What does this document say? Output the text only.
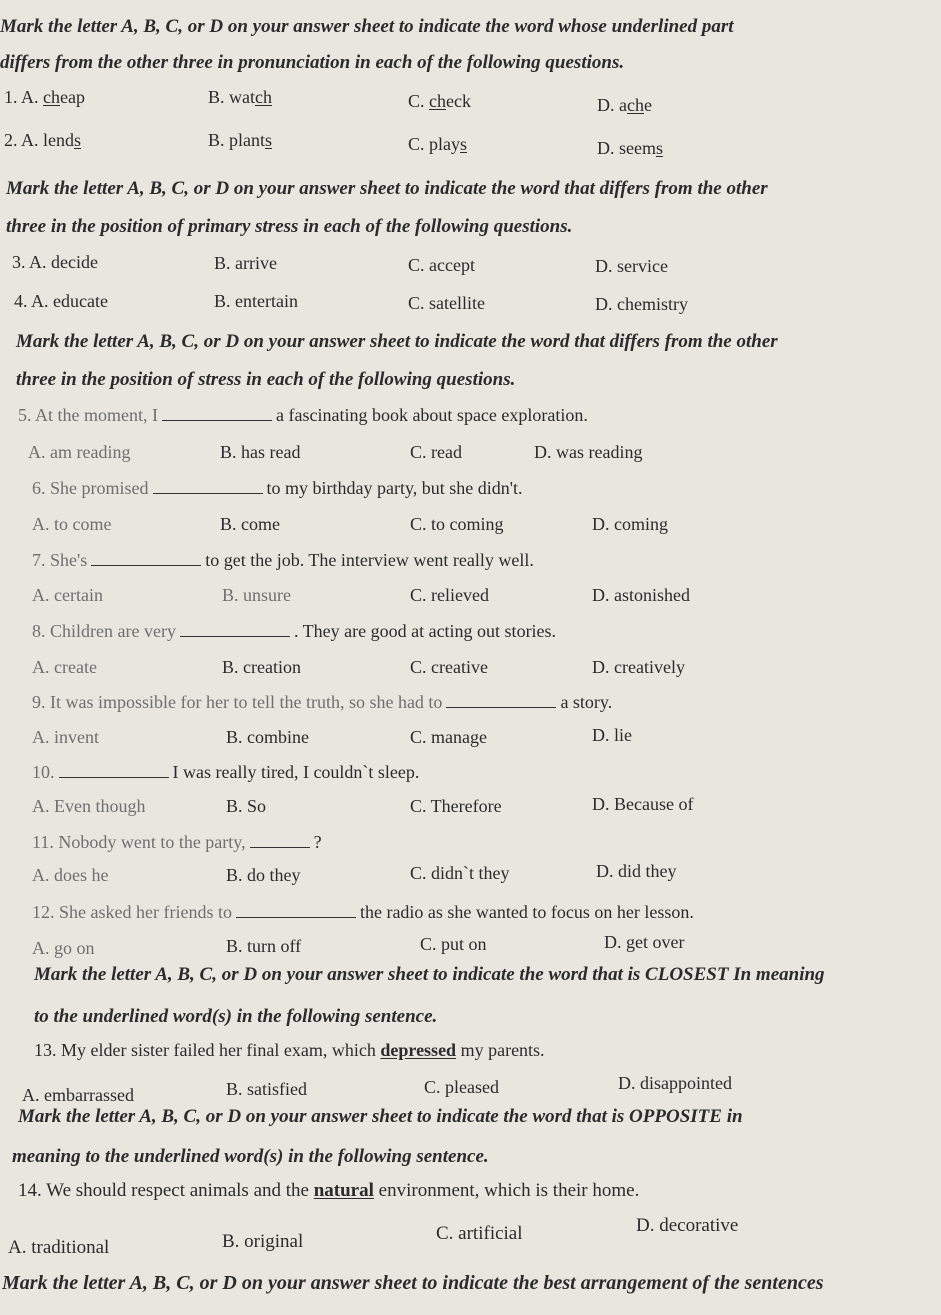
Mark the letter A, B, C, or D on your answer sheet to indicate the word whose underlined part
differs from the other three in pronunciation in each of the following questions.
1. A. cheap	B. watch	C. check	D. ache
2. A. lends	B. plants	C. plays	D. seems
Mark the letter A, B, C, or D on your answer sheet to indicate the word that differs from the other
three in the position of primary stress in each of the following questions.
3. A. decide	B. arrive	C. accept	D. service
4. A. educate	B. entertain	C. satellite	D. chemistry
Mark the letter A, B, C, or D on your answer sheet to indicate the word that differs from the other
three in the position of stress in each of the following questions.
5. At the moment, I	a fascinating book about space exploration.
A. am reading	B. has read	C. read	D. was reading
6. She promised	to my birthday party, but she didn't.
A. to come	B. come	C. to coming	D. coming
7. She's	to get the job. The interview went really well.
A. certain	B. unsure	C. relieved	D. astonished
8. Children are very	. They are good at acting out stories.
A. create	B. creation	C. creative	D. creatively
9. It was impossible for her to tell the truth, so she had to	a story.
A. invent	B. combine	C. manage	D. lie
10.	I was really tired, I couldn`t sleep.
A. Even though	B. So	C. Therefore	D. Because of
11. Nobody went to the party,	?
A. does he	B. do they	C. didn`t they	D. did they
12. She asked her friends to	the radio as she wanted to focus on her lesson.
A. go on	B. turn off	C. put on	D. get over
Mark the letter A, B, C, or D on your answer sheet to indicate the word that is CLOSEST In meaning
to the underlined word(s) in the following sentence.
13. My elder sister failed her final exam, which depressed my parents.
A. embarrassed	B. satisfied	C. pleased	D. disappointed
Mark the letter A, B, C, or D on your answer sheet to indicate the word that is OPPOSITE in
meaning to the underlined word(s) in the following sentence.
14. We should respect animals and the natural environment, which is their home.
A. traditional	B. original	C. artificial	D. decorative
Mark the letter A, B, C, or D on your answer sheet to indicate the best arrangement of the sentences
